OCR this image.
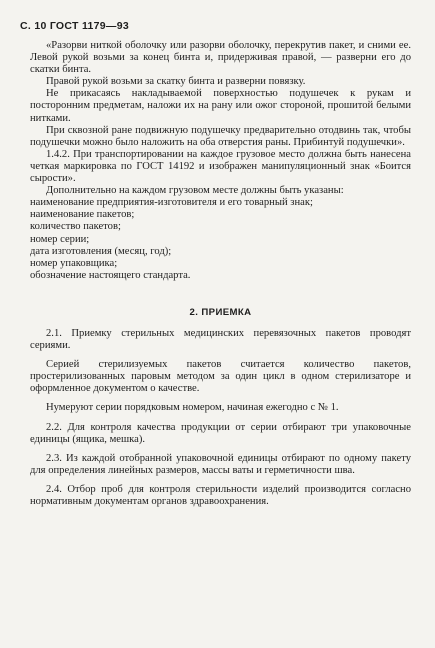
С. 10 ГОСТ 1179—93

«Разорви ниткой оболочку или разорви оболочку, перекрутив пакет, и сними ее. Левой рукой возьми за конец бинта и, придерживая правой, — разверни его до скатки бинта.

Правой рукой возьми за скатку бинта и разверни повязку.

Не прикасаясь накладываемой поверхностью подушечек к рукам и посторонним предметам, наложи их на рану или ожог стороной, прошитой белыми нитками.

При сквозной ране подвижную подушечку предварительно отодвинь так, чтобы подушечки можно было наложить на оба отверстия раны. Прибинтуй подушечки».

1.4.2. При транспортировании на каждое грузовое место должна быть нанесена четкая маркировка по ГОСТ 14192 и изображен манипуляционный знак «Боится сырости».

Дополнительно на каждом грузовом месте должны быть указаны:

наименование предприятия-изготовителя и его товарный знак;
наименование пакетов;
количество пакетов;
номер серии;
дата изготовления (месяц, год);
номер упаковщика;
обозначение настоящего стандарта.
2. ПРИЕМКА

2.1. Приемку стерильных медицинских перевязочных пакетов проводят сериями.

Серией стерилизуемых пакетов считается количество пакетов, простерилизованных паровым методом за один цикл в одном стерилизаторе и оформленное документом о качестве.

Нумеруют серии порядковым номером, начиная ежегодно с № 1.

2.2. Для контроля качества продукции от серии отбирают три упаковочные единицы (ящика, мешка).

2.3. Из каждой отобранной упаковочной единицы отбирают по одному пакету для определения линейных размеров, массы ваты и герметичности шва.

2.4. Отбор проб для контроля стерильности изделий производится согласно нормативным документам органов здравоохранения.
